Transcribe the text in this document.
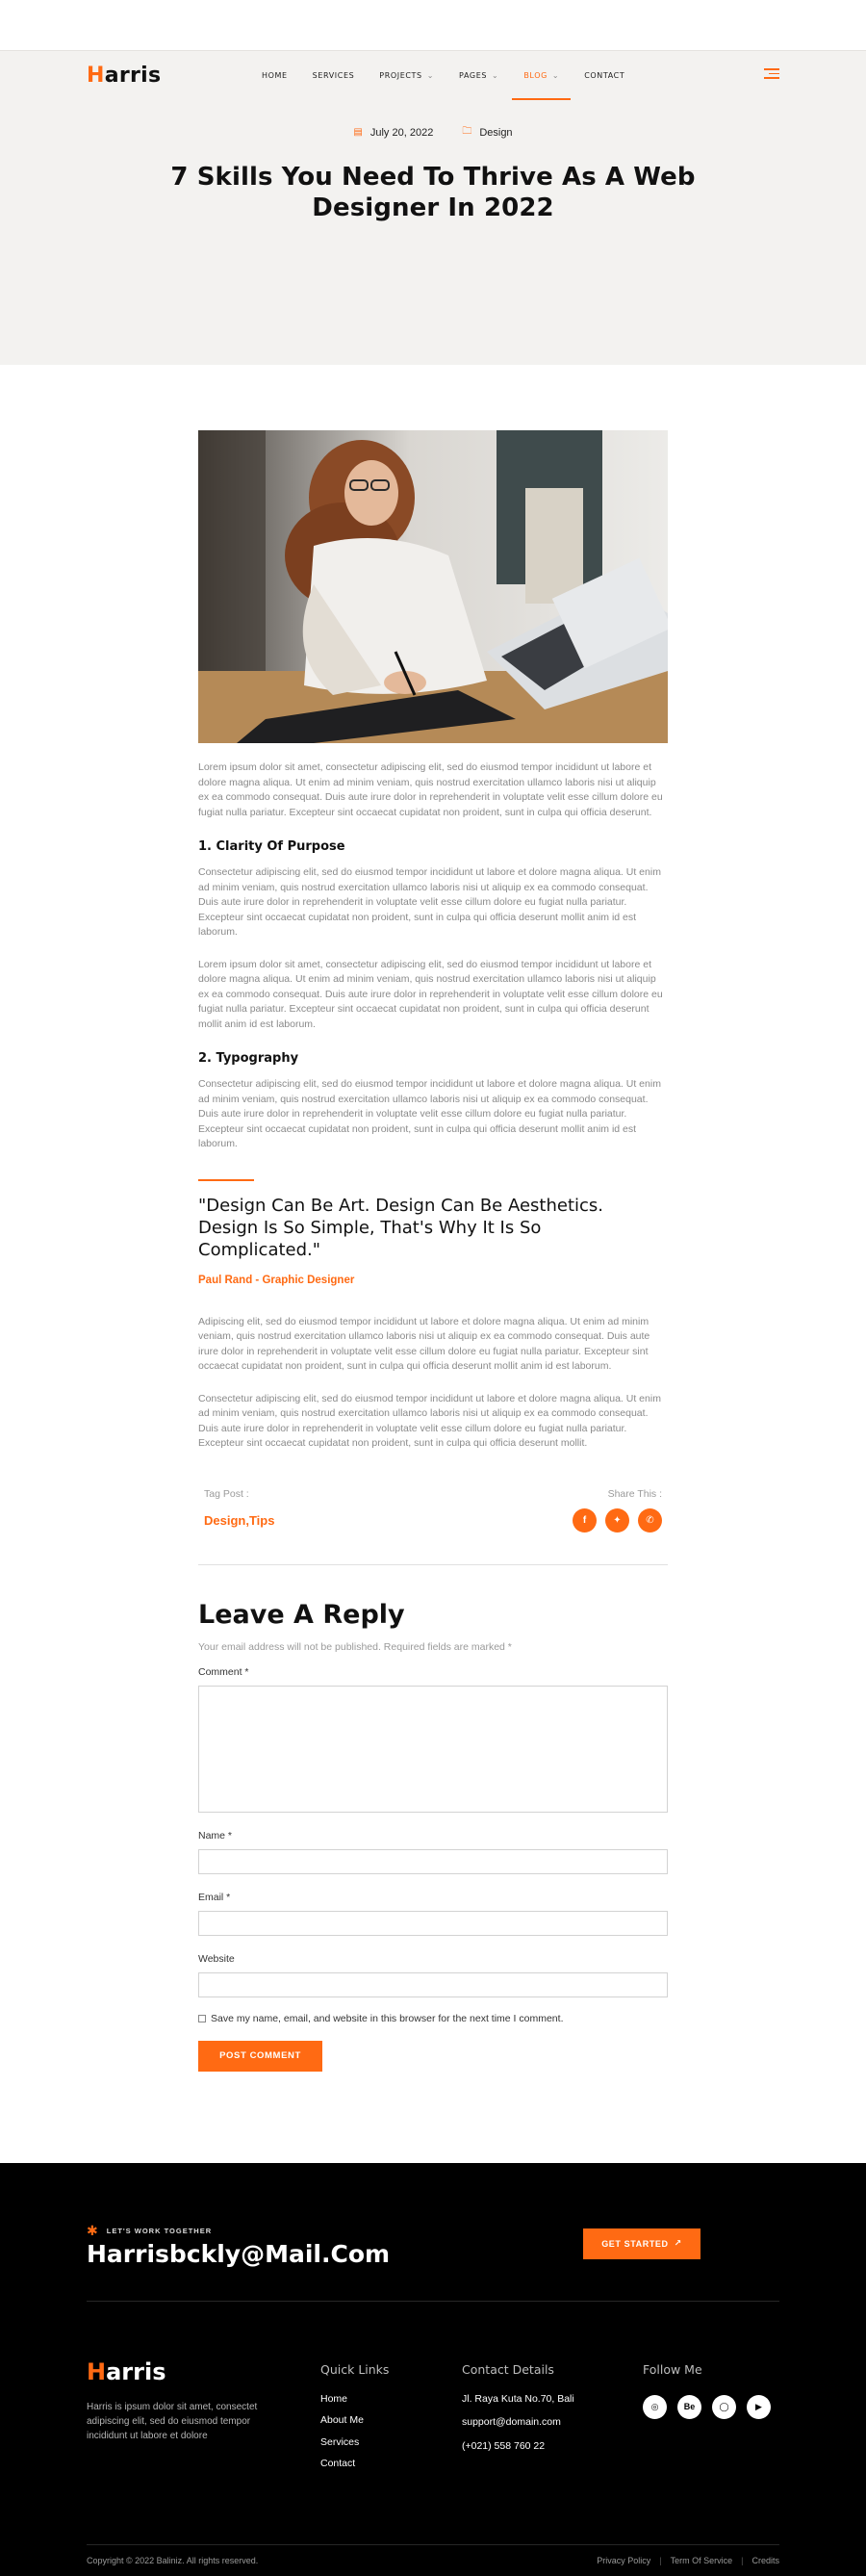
Harris	HOME	SERVICES	PROJECTS ⌄	PAGES ⌄	BLOG ⌄	CONTACT
▤ July 20, 2022	🗀 Design
7 Skills You Need To Thrive As A Web Designer In 2022

Lorem ipsum dolor sit amet, consectetur adipiscing elit, sed do eiusmod tempor incididunt ut labore et dolore magna aliqua. Ut enim ad minim veniam, quis nostrud exercitation ullamco laboris nisi ut aliquip ex ea commodo consequat. Duis aute irure dolor in reprehenderit in voluptate velit esse cillum dolore eu fugiat nulla pariatur. Excepteur sint occaecat cupidatat non proident, sunt in culpa qui officia deserunt.

1. Clarity Of Purpose

Consectetur adipiscing elit, sed do eiusmod tempor incididunt ut labore et dolore magna aliqua. Ut enim ad minim veniam, quis nostrud exercitation ullamco laboris nisi ut aliquip ex ea commodo consequat. Duis aute irure dolor in reprehenderit in voluptate velit esse cillum dolore eu fugiat nulla pariatur. Excepteur sint occaecat cupidatat non proident, sunt in culpa qui officia deserunt mollit anim id est laborum.

Lorem ipsum dolor sit amet, consectetur adipiscing elit, sed do eiusmod tempor incididunt ut labore et dolore magna aliqua. Ut enim ad minim veniam, quis nostrud exercitation ullamco laboris nisi ut aliquip ex ea commodo consequat. Duis aute irure dolor in reprehenderit in voluptate velit esse cillum dolore eu fugiat nulla pariatur. Excepteur sint occaecat cupidatat non proident, sunt in culpa qui officia deserunt mollit anim id est laborum.

2. Typography

Consectetur adipiscing elit, sed do eiusmod tempor incididunt ut labore et dolore magna aliqua. Ut enim ad minim veniam, quis nostrud exercitation ullamco laboris nisi ut aliquip ex ea commodo consequat. Duis aute irure dolor in reprehenderit in voluptate velit esse cillum dolore eu fugiat nulla pariatur. Excepteur sint occaecat cupidatat non proident, sunt in culpa qui officia deserunt mollit anim id est laborum.

"Design Can Be Art. Design Can Be Aesthetics. Design Is So Simple, That's Why It Is So Complicated."
Paul Rand - Graphic Designer

Adipiscing elit, sed do eiusmod tempor incididunt ut labore et dolore magna aliqua. Ut enim ad minim veniam, quis nostrud exercitation ullamco laboris nisi ut aliquip ex ea commodo consequat. Duis aute irure dolor in reprehenderit in voluptate velit esse cillum dolore eu fugiat nulla pariatur. Excepteur sint occaecat cupidatat non proident, sunt in culpa qui officia deserunt mollit anim id est laborum.

Consectetur adipiscing elit, sed do eiusmod tempor incididunt ut labore et dolore magna aliqua. Ut enim ad minim veniam, quis nostrud exercitation ullamco laboris nisi ut aliquip ex ea commodo consequat. Duis aute irure dolor in reprehenderit in voluptate velit esse cillum dolore eu fugiat nulla pariatur. Excepteur sint occaecat cupidatat non proident, sunt in culpa qui officia deserunt mollit.

Tag Post :
Design,Tips
Share This :
f	✦	✆
Leave A Reply
Your email address will not be published. Required fields are marked *
Comment *
Name *
Email *
Website
Save my name, email, and website in this browser for the next time I comment.
POST COMMENT
✱ LET'S WORK TOGETHER
Harrisbckly@Mail.Com	GET STARTED ↗
Harris
Harris is ipsum dolor sit amet, consectet adipiscing elit, sed do eiusmod tempor incididunt ut labore et dolore
Quick Links
Home
About Me
Services
Contact
Contact Details
Jl. Raya Kuta No.70, Bali
support@domain.com
(+021) 558 760 22
Follow Me
◎	Be	◯	▶
Copyright © 2022 Baliniz. All rights reserved.	Privacy Policy | Term Of Service | Credits
